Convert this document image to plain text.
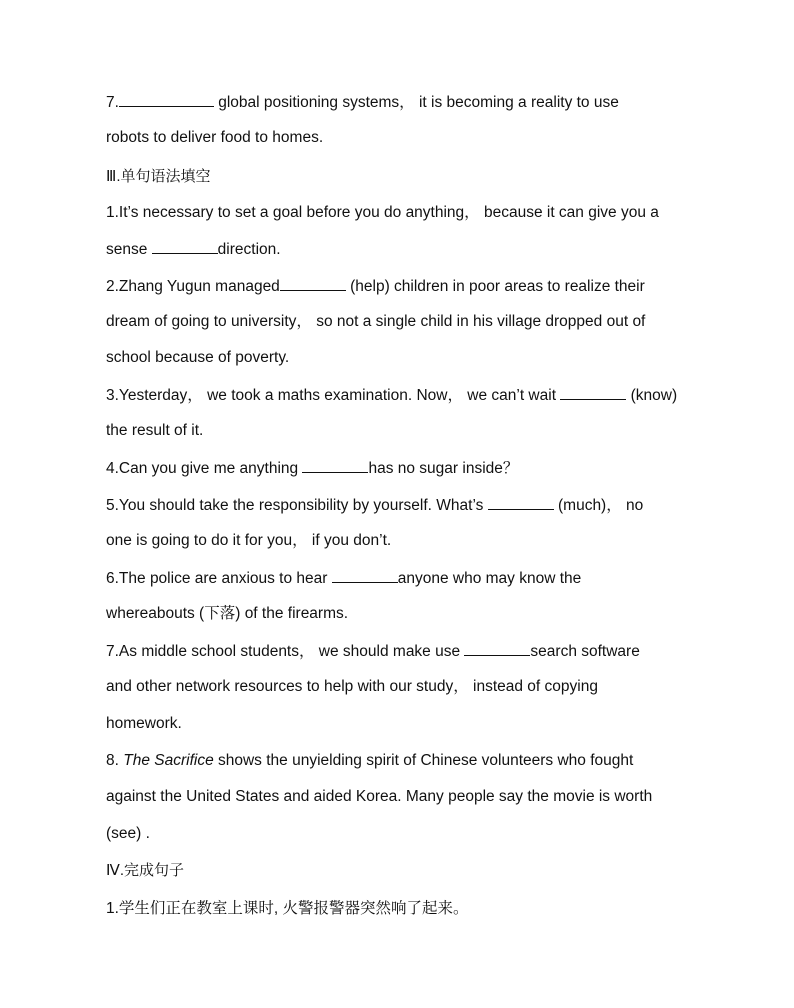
7.	global positioning systems， it is becoming a reality to use
robots to deliver food to homes.
Ⅲ.单句语法填空
1.It’s necessary to set a goal before you do anything， because it can give you a
sense	direction.
2.Zhang Yugun managed	(help) children in poor areas to realize their
dream of going to university， so not a single child in his village dropped out of
school because of poverty.
3.Yesterday， we took a maths examination. Now， we can’t wait	(know)
the result of it.
4.Can you give me anything	has no sugar inside？
5.You should take the responsibility by yourself. What’s	(much)， no
one is going to do it for you， if you don’t.
6.The police are anxious to hear	anyone who may know the
whereabouts (下落) of the firearms.
7.As middle school students， we should make use	search software
and other network resources to help with our study， instead of copying
homework.
8. The Sacrifice shows the unyielding spirit of Chinese volunteers who fought
against the United States and aided Korea. Many people say the movie is worth
(see) .
Ⅳ.完成句子
1.学生们正在教室上课时, 火警报警器突然响了起来。
